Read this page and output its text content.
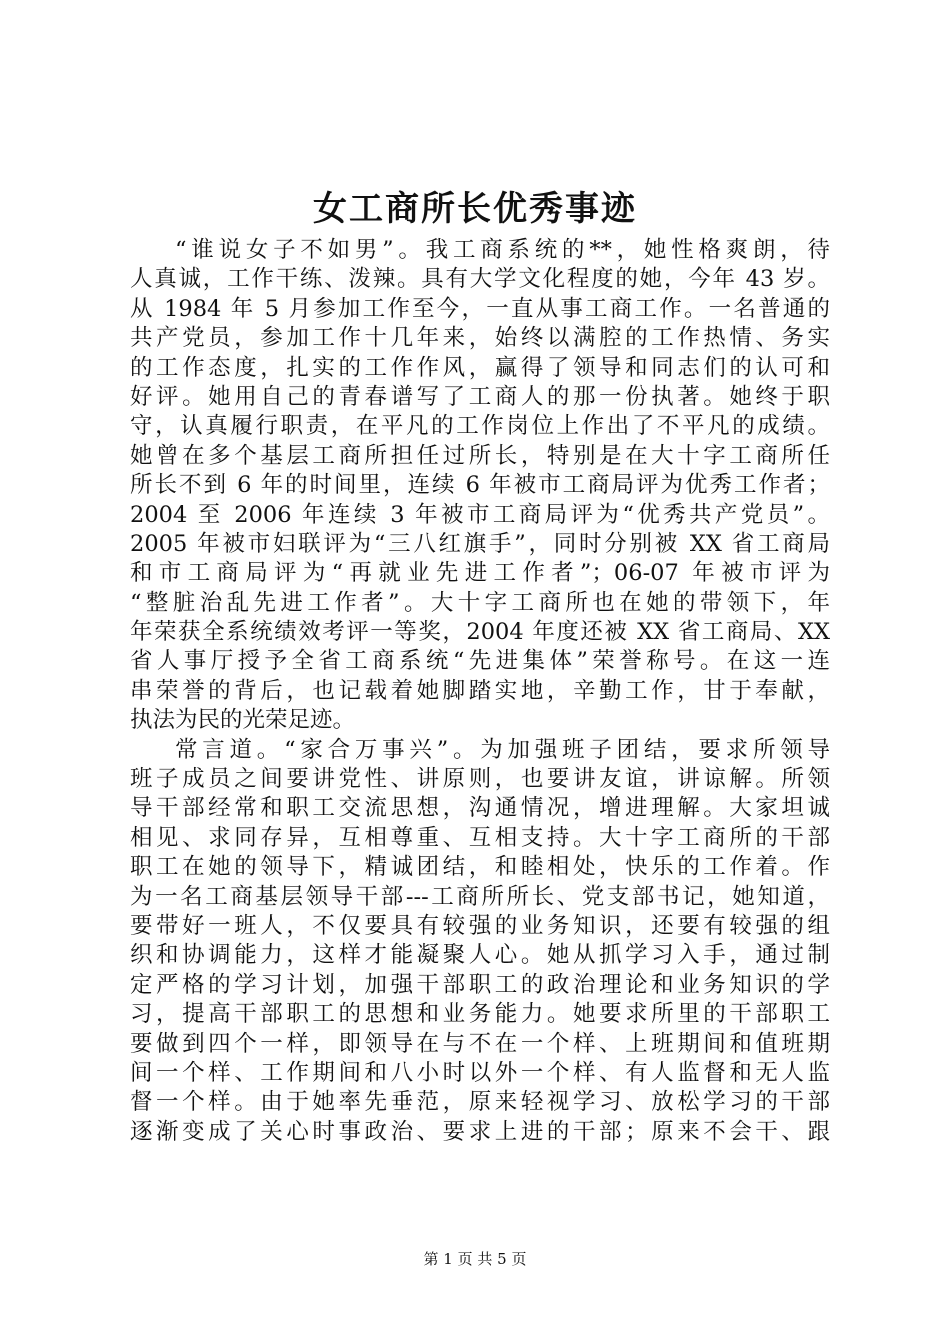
女工商所长优秀事迹

“谁说女子不如男”。我工商系统的**，她性格爽朗，待
人真诚，工作干练、泼辣。具有大学文化程度的她，今年 43 岁。
从 1984 年 5 月参加工作至今，一直从事工商工作。一名普通的
共产党员，参加工作十几年来，始终以满腔的工作热情、务实
的工作态度，扎实的工作作风，赢得了领导和同志们的认可和
好评。她用自己的青春谱写了工商人的那一份执著。她终于职
守，认真履行职责，在平凡的工作岗位上作出了不平凡的成绩。
她曾在多个基层工商所担任过所长，特别是在大十字工商所任
所长不到 6 年的时间里，连续 6 年被市工商局评为优秀工作者；
2004 至 2006 年连续 3 年被市工商局评为“优秀共产党员”。
2005 年被市妇联评为“三八红旗手”，同时分别被 XX 省工商局
和市工商局评为“再就业先进工作者”；06-07 年被市评为
“整脏治乱先进工作者”。大十字工商所也在她的带领下，年
年荣获全系统绩效考评一等奖，2004 年度还被 XX 省工商局、XX
省人事厅授予全省工商系统“先进集体”荣誉称号。在这一连
串荣誉的背后，也记载着她脚踏实地，辛勤工作，甘于奉献，
执法为民的光荣足迹。

常言道。“家合万事兴”。为加强班子团结，要求所领导
班子成员之间要讲党性、讲原则，也要讲友谊，讲谅解。所领
导干部经常和职工交流思想，沟通情况，增进理解。大家坦诚
相见、求同存异，互相尊重、互相支持。大十字工商所的干部
职工在她的领导下，精诚团结，和睦相处，快乐的工作着。作
为一名工商基层领导干部---工商所所长、党支部书记，她知道，
要带好一班人，不仅要具有较强的业务知识，还要有较强的组
织和协调能力，这样才能凝聚人心。她从抓学习入手，通过制
定严格的学习计划，加强干部职工的政治理论和业务知识的学
习，提高干部职工的思想和业务能力。她要求所里的干部职工
要做到四个一样，即领导在与不在一个样、上班期间和值班期
间一个样、工作期间和八小时以外一个样、有人监督和无人监
督一个样。由于她率先垂范，原来轻视学习、放松学习的干部
逐渐变成了关心时事政治、要求上进的干部；原来不会干、跟

第 1 页 共 5 页
